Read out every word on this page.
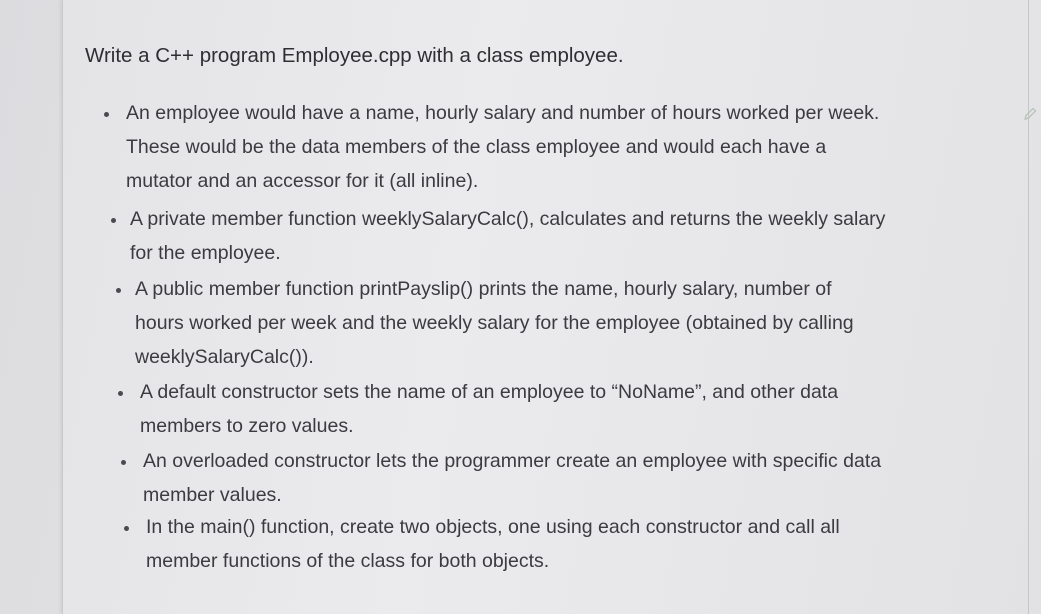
Write a C++ program Employee.cpp with a class employee.
An employee would have a name, hourly salary and number of hours worked per week.
These would be the data members of the class employee and would each have a
mutator and an accessor for it (all inline).
A private member function weeklySalaryCalc(), calculates and returns the weekly salary
for the employee.
A public member function printPayslip() prints the name, hourly salary, number of
hours worked per week and the weekly salary for the employee (obtained by calling
weeklySalaryCalc()).
A default constructor sets the name of an employee to “NoName”, and other data
members to zero values.
An overloaded constructor lets the programmer create an employee with specific data
member values.
In the main() function, create two objects, one using each constructor and call all
member functions of the class for both objects.
